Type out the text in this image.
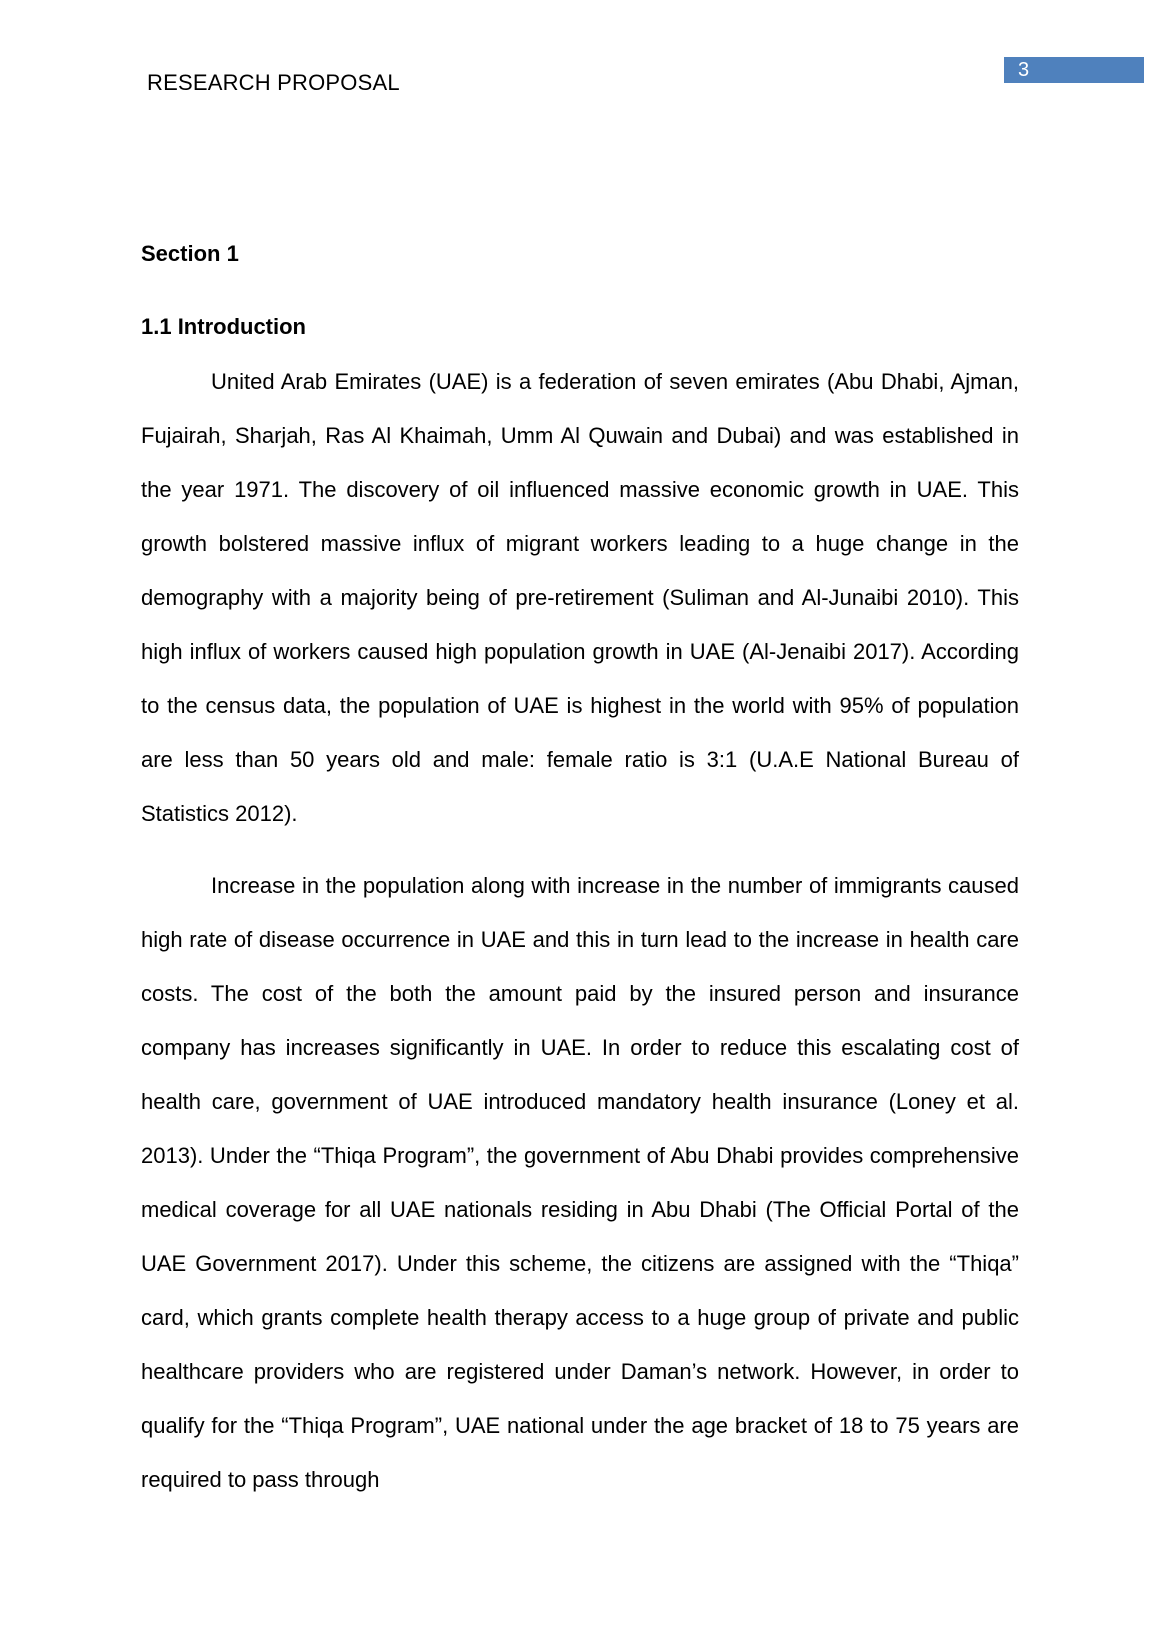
RESEARCH PROPOSAL	3
Section 1
1.1 Introduction

United Arab Emirates (UAE) is a federation of seven emirates (Abu Dhabi, Ajman, Fujairah, Sharjah, Ras Al Khaimah, Umm Al Quwain and Dubai) and was established in the year 1971. The discovery of oil influenced massive economic growth in UAE. This growth bolstered massive influx of migrant workers leading to a huge change in the demography with a majority being of pre-retirement (Suliman and Al-Junaibi 2010). This high influx of workers caused high population growth in UAE (Al-Jenaibi 2017). According to the census data, the population of UAE is highest in the world with 95% of population are less than 50 years old and male: female ratio is 3:1 (U.A.E National Bureau of Statistics 2012).

Increase in the population along with increase in the number of immigrants caused high rate of disease occurrence in UAE and this in turn lead to the increase in health care costs. The cost of the both the amount paid by the insured person and insurance company has increases significantly in UAE. In order to reduce this escalating cost of health care, government of UAE introduced mandatory health insurance (Loney et al. 2013). Under the “Thiqa Program”, the government of Abu Dhabi provides comprehensive medical coverage for all UAE nationals residing in Abu Dhabi (The Official Portal of the UAE Government 2017). Under this scheme, the citizens are assigned with the “Thiqa” card, which grants complete health therapy access to a huge group of private and public healthcare providers who are registered under Daman’s network. However, in order to qualify for the “Thiqa Program”, UAE national under the age bracket of 18 to 75 years are required to pass through
